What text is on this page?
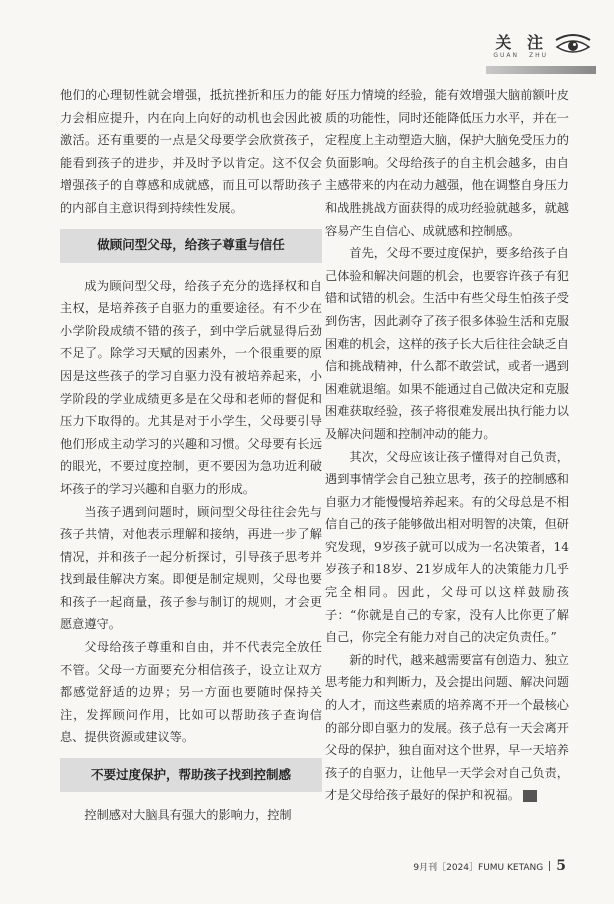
关 注
GUAN ZHU

他们的心理韧性就会增强，抵抗挫折和压力的能力会相应提升，内在向上向好的动机也会因此被激活。还有重要的一点是父母要学会欣赏孩子，能看到孩子的进步，并及时予以肯定。这不仅会增强孩子的自尊感和成就感，而且可以帮助孩子的内部自主意识得到持续性发展。

做顾问型父母，给孩子尊重与信任

成为顾问型父母，给孩子充分的选择权和自主权，是培养孩子自驱力的重要途径。有不少在小学阶段成绩不错的孩子，到中学后就显得后劲不足了。除学习天赋的因素外，一个很重要的原因是这些孩子的学习自驱力没有被培养起来，小学阶段的学业成绩更多是在父母和老师的督促和压力下取得的。尤其是对于小学生，父母要引导他们形成主动学习的兴趣和习惯。父母要有长远的眼光，不要过度控制，更不要因为急功近利破坏孩子的学习兴趣和自驱力的形成。

当孩子遇到问题时，顾问型父母往往会先与孩子共情，对他表示理解和接纳，再进一步了解情况，并和孩子一起分析探讨，引导孩子思考并找到最佳解决方案。即便是制定规则，父母也要和孩子一起商量，孩子参与制订的规则，才会更愿意遵守。

父母给孩子尊重和自由，并不代表完全放任不管。父母一方面要充分相信孩子，设立让双方都感觉舒适的边界；另一方面也要随时保持关注，发挥顾问作用，比如可以帮助孩子查询信息、提供资源或建议等。

不要过度保护，帮助孩子找到控制感

控制感对大脑具有强大的影响力，控制

好压力情境的经验，能有效增强大脑前额叶皮质的功能性，同时还能降低压力水平，并在一定程度上主动塑造大脑，保护大脑免受压力的负面影响。父母给孩子的自主机会越多，由自主感带来的内在动力越强，他在调整自身压力和战胜挑战方面获得的成功经验就越多，就越容易产生自信心、成就感和控制感。

首先，父母不要过度保护，要多给孩子自己体验和解决问题的机会，也要容许孩子有犯错和试错的机会。生活中有些父母生怕孩子受到伤害，因此剥夺了孩子很多体验生活和克服困难的机会，这样的孩子长大后往往会缺乏自信和挑战精神，什么都不敢尝试，或者一遇到困难就退缩。如果不能通过自己做决定和克服困难获取经验，孩子将很难发展出执行能力以及解决问题和控制冲动的能力。

其次，父母应该让孩子懂得对自己负责，遇到事情学会自己独立思考，孩子的控制感和自驱力才能慢慢培养起来。有的父母总是不相信自己的孩子能够做出相对明智的决策，但研究发现，9岁孩子就可以成为一名决策者，14岁孩子和18岁、21岁成年人的决策能力几乎完全相同。因此，父母可以这样鼓励孩子：“你就是自己的专家，没有人比你更了解自己，你完全有能力对自己的决定负责任。”

新的时代，越来越需要富有创造力、独立思考能力和判断力，及会提出问题、解决问题的人才，而这些素质的培养离不开一个最核心的部分即自驱力的发展。孩子总有一天会离开父母的保护，独自面对这个世界，早一天培养孩子的自驱力，让他早一天学会对自己负责，才是父母给孩子最好的保护和祝福。

9月刊［2024］FUMU KETANG 5
